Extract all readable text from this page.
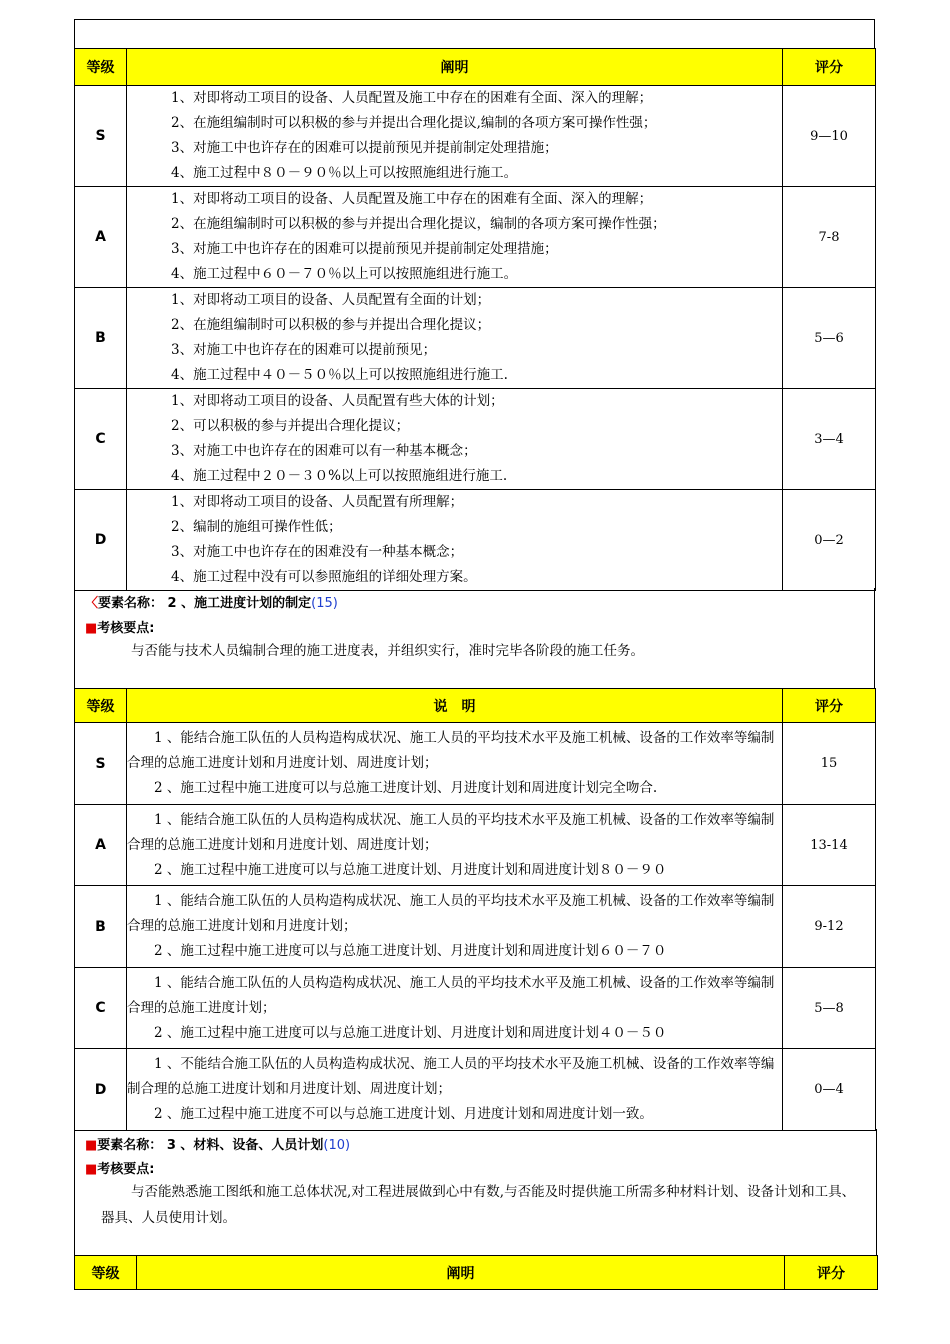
等级	阐明	评分
S	1、对即将动工项目的设备、人员配置及施工中存在的困难有全面、深入的理解；
2、在施组编制时可以积极的参与并提出合理化提议,编制的各项方案可操作性强；
3、对施工中也许存在的困难可以提前预见并提前制定处理措施；
4、施工过程中８０－９０％以上可以按照施组进行施工。	9—10
A	1、对即将动工项目的设备、人员配置及施工中存在的困难有全面、深入的理解；
2、在施组编制时可以积极的参与并提出合理化提议，编制的各项方案可操作性强；
3、对施工中也许存在的困难可以提前预见并提前制定处理措施；
4、施工过程中６０－７０％以上可以按照施组进行施工。	7-8
B	1、对即将动工项目的设备、人员配置有全面的计划；
2、在施组编制时可以积极的参与并提出合理化提议；
3、对施工中也许存在的困难可以提前预见；
4、施工过程中４０－５０％以上可以按照施组进行施工.	5—6
C	1、对即将动工项目的设备、人员配置有些大体的计划；
2、可以积极的参与并提出合理化提议；
3、对施工中也许存在的困难可以有一种基本概念；
4、施工过程中２０－３０%以上可以按照施组进行施工.	3—4
D	1、对即将动工项目的设备、人员配置有所理解；
2、编制的施组可操作性低；
3、对施工中也许存在的困难没有一种基本概念；
4、施工过程中没有可以参照施组的详细处理方案。	0—2
〈要素名称： 2 、施工进度计划的制定(15)
■考核要点:
与否能与技术人员编制合理的施工进度表，并组织实行，准时完毕各阶段的施工任务。
等级	说　明	评分
S	1 、能结合施工队伍的人员构造构成状况、施工人员的平均技术水平及施工机械、设备的工作效率等编制合理的总施工进度计划和月进度计划、周进度计划；
2 、施工过程中施工进度可以与总施工进度计划、月进度计划和周进度计划完全吻合.	15
A	1 、能结合施工队伍的人员构造构成状况、施工人员的平均技术水平及施工机械、设备的工作效率等编制合理的总施工进度计划和月进度计划、周进度计划；
2 、施工过程中施工进度可以与总施工进度计划、月进度计划和周进度计划８０－９０	13-14
B	1 、能结合施工队伍的人员构造构成状况、施工人员的平均技术水平及施工机械、设备的工作效率等编制合理的总施工进度计划和月进度计划；
2 、施工过程中施工进度可以与总施工进度计划、月进度计划和周进度计划６０－７０	9-12
C	1 、能结合施工队伍的人员构造构成状况、施工人员的平均技术水平及施工机械、设备的工作效率等编制合理的总施工进度计划；
2 、施工过程中施工进度可以与总施工进度计划、月进度计划和周进度计划４０－５０	5—8
D	1 、不能结合施工队伍的人员构造构成状况、施工人员的平均技术水平及施工机械、设备的工作效率等编制合理的总施工进度计划和月进度计划、周进度计划；
2 、施工过程中施工进度不可以与总施工进度计划、月进度计划和周进度计划一致。	0—4
■要素名称： 3 、材料、设备、人员计划(10)
■考核要点:
与否能熟悉施工图纸和施工总体状况,对工程进展做到心中有数,与否能及时提供施工所需多种材料计划、设备计划和工具、器具、人员使用计划。
等级	阐明	评分
